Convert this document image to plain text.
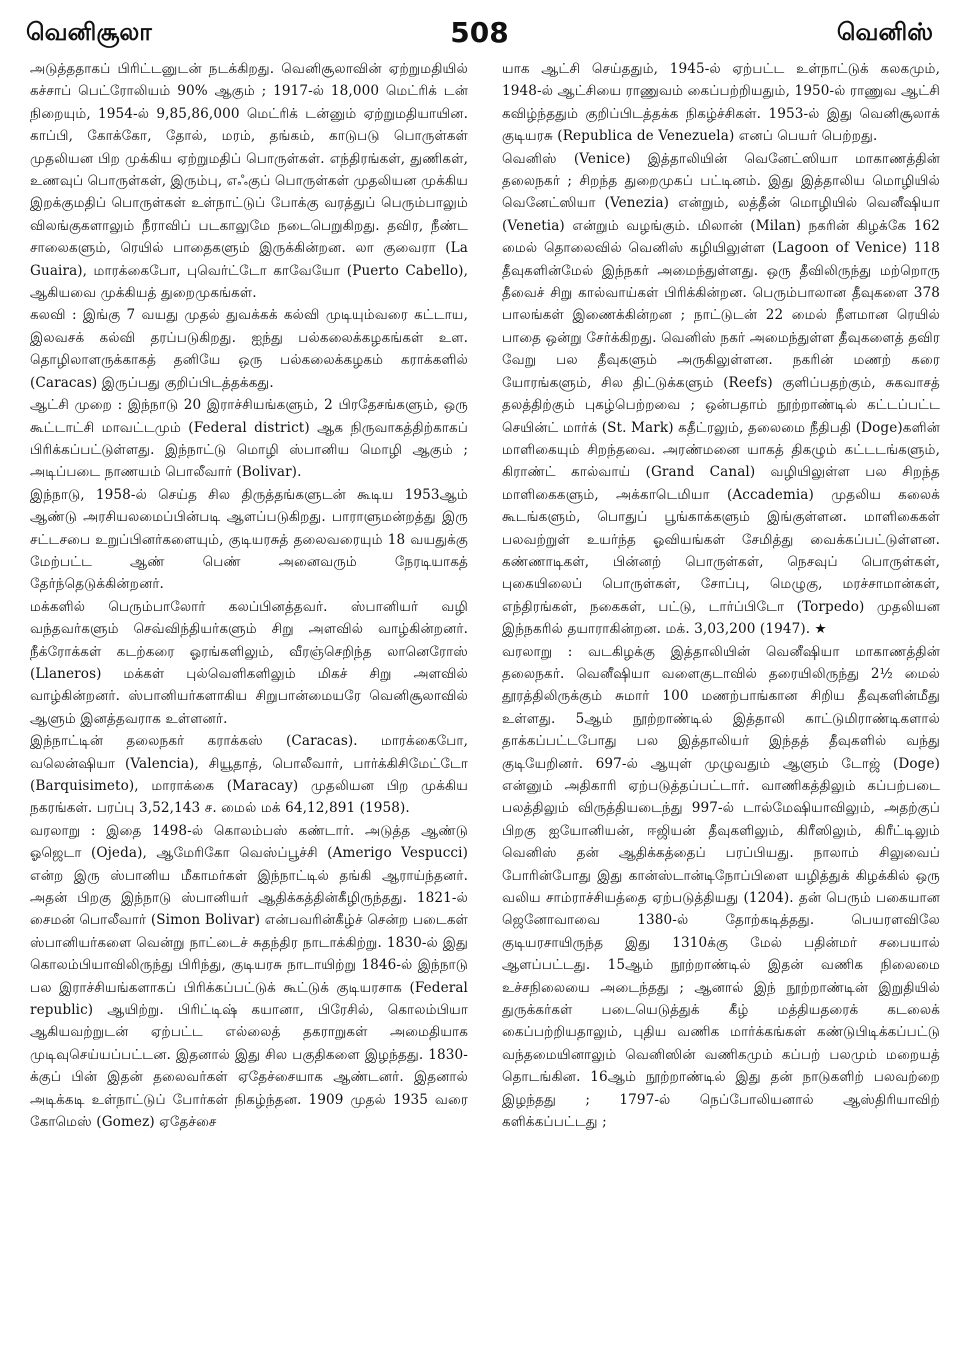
வெனிசூலா	508	வெனிஸ்

அடுத்ததாகப் பிரிட்டனுடன் நடக்கிறது. வெனிசூலாவின் ஏற்றுமதியில் கச்சாப் பெட்ரோலியம் 90% ஆகும் ; 1917-ல் 18,000 மெட்ரிக் டன் நிறையும், 1954-ல் 9,85,86,000 மெட்ரிக் டன்னும் ஏற்றுமதியாயின. காப்பி, கோக்கோ, தோல், மரம், தங்கம், காடுபடு பொருள்கள் முதலியன பிற முக்கிய ஏற்றுமதிப் பொருள்கள். எந்திரங்கள், துணிகள், உணவுப் பொருள்கள், இரும்பு, எஃகுப் பொருள்கள் முதலியன முக்கிய இறக்குமதிப் பொருள்கள் உள்நாட்டுப் போக்கு வரத்துப் பெரும்பாலும் விலங்குகளாலும் நீராவிப் படகாலுமே நடைபெறுகிறது. தவிர, நீண்ட சாலைகளும், ரெயில் பாதைகளும் இருக்கின்றன. லா குவைரா (La Guaira), மாரக்கைபோ, புவெர்ட்டோ காவேயோ (Puerto Cabello), ஆகியவை முக்கியத் துறைமுகங்கள்.

கலவி : இங்கு 7 வயது முதல் துவக்கக் கல்வி முடியும்வரை கட்டாய, இலவசக் கல்வி தரப்படுகிறது. ஐந்து பல்கலைக்கழகங்கள் உள. தொழிலாளருக்காகத் தனியே ஒரு பல்கலைக்கழகம் கராக்களில் (Caracas) இருப்பது குறிப்பிடத்தக்கது.

ஆட்சி முறை : இந்நாடு 20 இராச்சியங்களும், 2 பிரதேசங்களும், ஒரு கூட்டாட்சி மாவட்டமும் (Federal district) ஆக நிருவாகத்திற்காகப் பிரிக்கப்பட்டுள்ளது. இந்நாட்டு மொழி ஸ்பானிய மொழி ஆகும் ; அடிப்படை நாணயம் பொலீவார் (Bolivar).

இந்நாடு, 1958-ல் செய்த சில திருத்தங்களுடன் கூடிய 1953ஆம் ஆண்டு அரசியலமைப்பின்படி ஆளப்படுகிறது. பாராளுமன்றத்து இரு சட்டசபை உறுப்பினர்களையும், குடியரசுத் தலைவரையும் 18 வயதுக்கு மேற்பட்ட ஆண் பெண் அனைவரும் நேரடியாகத் தேர்ந்தெடுக்கின்றனர்.

மக்களில் பெரும்பாலோர் கலப்பினத்தவர். ஸ்பானியர் வழி வந்தவர்களும் செவ்விந்தியர்களும் சிறு அளவில் வாழ்கின்றனர். நீக்ரோக்கள் கடற்கரை ஓரங்களிலும், வீரஞ்செறிந்த லானெரோஸ் (Llaneros) மக்கள் புல்வெளிகளிலும் மிகச் சிறு அளவில் வாழ்கின்றனர். ஸ்பானியர்களாகிய சிறுபான்மையரே வெனிசூலாவில் ஆளும் இனத்தவராக உள்ளனர்.

இந்நாட்டின் தலைநகர் கராக்கஸ் (Caracas). மாரக்கைபோ, வலென்ஷியா (Valencia), சியூதாத், பொலீவார், பார்க்கிசிமேட்டோ (Barquisimeto), மாராக்கை (Maracay) முதலியன பிற முக்கிய நகரங்கள். பரப்பு 3,52,143 ச. மைல் மக் 64,12,891 (1958).

வரலாறு : இதை 1498-ல் கொலம்பஸ் கண்டார். அடுத்த ஆண்டு ஓஜெடா (Ojeda), ஆமேரிகோ வெஸ்ப்பூச்சி (Amerigo Vespucci) என்ற இரு ஸ்பானிய மீகாமர்கள் இந்நாட்டில் தங்கி ஆராய்ந்தனர். அதன் பிறகு இந்நாடு ஸ்பானியர் ஆதிக்கத்தின்கீழிருந்தது. 1821-ல் சைமன் பொலீவார் (Simon Bolivar) என்பவரின்கீழ்ச் சென்ற படைகள் ஸ்பானியர்களை வென்று நாட்டைச் சுதந்திர நாடாக்கிற்று. 1830-ல் இது கொலம்பியாவிலிருந்து பிரிந்து, குடியரசு நாடாயிற்று 1846-ல் இந்நாடு பல இராச்சியங்களாகப் பிரிக்கப்பட்டுக் கூட்டுக் குடியரசாக (Federal republic) ஆயிற்று. பிரிட்டிஷ் கயானா, பிரேசில், கொலம்பியா ஆகியவற்றுடன் ஏற்பட்ட எல்லைத் தகராறுகள் அமைதியாக முடிவுசெய்யப்பட்டன. இதனால் இது சில பகுதிகளை இழந்தது. 1830-க்குப் பின் இதன் தலைவர்கள் ஏதேச்சையாக ஆண்டனர். இதனால் அடிக்கடி உள்நாட்டுப் போர்கள் நிகழ்ந்தன. 1909 முதல் 1935 வரை கோமெஸ் (Gomez) ஏதேச்சை

யாக ஆட்சி செய்ததும், 1945-ல் ஏற்பட்ட உள்நாட்டுக் கலகமும், 1948-ல் ஆட்சியை ராணுவம் கைப்பற்றியதும், 1950-ல் ராணுவ ஆட்சி கவிழ்ந்ததும் குறிப்பிடத்தக்க நிகழ்ச்சிகள். 1953-ல் இது வெனிசூலாக் குடியரசு (Republica de Venezuela) எனப் பெயர் பெற்றது.

வெனிஸ் (Venice) இத்தாலியின் வெனேட்ஸியா மாகாணத்தின் தலைநகர் ; சிறந்த துறைமுகப் பட்டினம். இது இத்தாலிய மொழியில் வெனேட்ஸியா (Venezia) என்றும், லத்தீன் மொழியில் வெனீஷியா (Venetia) என்றும் வழங்கும். மிலான் (Milan) நகரின் கிழக்கே 162 மைல் தொலைவில் வெனிஸ் கழியிலுள்ள (Lagoon of Venice) 118 தீவுகளின்மேல் இந்நகர் அமைந்துள்ளது. ஒரு தீவிலிருந்து மற்றொரு தீவைச் சிறு கால்வாய்கள் பிரிக்கின்றன. பெரும்பாலான தீவுகளை 378 பாலங்கள் இணைக்கின்றன ; நாட்டுடன் 22 மைல் நீளமான ரெயில் பாதை ஒன்று சேர்க்கிறது. வெனிஸ் நகர் அமைந்துள்ள தீவுகளைத் தவிர வேறு பல தீவுகளும் அருகிலுள்ளன. நகரின் மணற் கரை யோரங்களும், சில திட்டுக்களும் (Reefs) குளிப்பதற்கும், சுகவாசத் தலத்திற்கும் புகழ்பெற்றவை ; ஒன்பதாம் நூற்றாண்டில் கட்டப்பட்ட செயின்ட் மார்க் (St. Mark) கதீட்ரலும், தலைமை நீதிபதி (Doge)களின் மாளிகையும் சிறந்தவை. அரண்மனை யாகத் திகழும் கட்டடங்களும், கிராண்ட் கால்வாய் (Grand Canal) வழியிலுள்ள பல சிறந்த மாளிகைகளும், அக்காடெமியா (Accademia) முதலிய கலைக் கூடங்களும், பொதுப் பூங்காக்களும் இங்குள்ளன. மாளிகைகள் பலவற்றுள் உயர்ந்த ஓவியங்கள் சேமித்து வைக்கப்பட்டுள்ளன. கண்ணாடிகள், பின்னற் பொருள்கள், நெசவுப் பொருள்கள், புகையிலைப் பொருள்கள், சோப்பு, மெழுகு, மரச்சாமான்கள், எந்திரங்கள், நகைகள், பட்டு, டார்ப்பிடோ (Torpedo) முதலியன இந்நகரில் தயாராகின்றன. மக். 3,03,200 (1947). ★

வரலாறு : வடகிழக்கு இத்தாலியின் வெனீஷியா மாகாணத்தின் தலைநகர். வெனீஷியா வளைகுடாவில் தரையிலிருந்து 2½ மைல் தூரத்திலிருக்கும் சுமார் 100 மணற்பாங்கான சிறிய தீவுகளின்மீது உள்ளது. 5ஆம் நூற்றாண்டில் இத்தாலி காட்டுமிராண்டிகளால் தாக்கப்பட்டபோது பல இத்தாலியர் இந்தத் தீவுகளில் வந்து குடியேறினர். 697-ல் ஆயுள் முழுவதும் ஆளும் டோஜ் (Doge) என்னும் அதிகாரி ஏற்படுத்தப்பட்டார். வாணிகத்திலும் கப்பற்படை பலத்திலும் விருத்தியடைந்து 997-ல் டால்மேஷியாவிலும், அதற்குப் பிறகு ஐயோனியன், ஈஜியன் தீவுகளிலும், கிரீஸிலும், கிரீட்டிலும் வெனிஸ் தன் ஆதிக்கத்தைப் பரப்பியது. நாலாம் சிலுவைப் போரின்போது இது கான்ஸ்டான்டிநோப்பிளை யழித்துக் கிழக்கில் ஒரு வலிய சாம்ராச்சியத்தை ஏற்படுத்தியது (1204). தன் பெரும் பகையான ஜெனோவாவை 1380-ல் தோற்கடித்தது. பெயரளவிலே குடியரசாயிருந்த இது 1310க்கு மேல் பதின்மர் சபையால் ஆளப்பட்டது. 15ஆம் நூற்றாண்டில் இதன் வணிக நிலைமை உச்சநிலையை அடைந்தது ; ஆனால் இந் நூற்றாண்டின் இறுதியில் துருக்கர்கள் படையெடுத்துக் கீழ் மத்தியதரைக் கடலைக் கைப்பற்றியதாலும், புதிய வணிக மார்க்கங்கள் கண்டுபிடிக்கப்பட்டு வந்தமையினாலும் வெனிஸின் வணிகமும் கப்பற் பலமும் மறையத் தொடங்கின. 16ஆம் நூற்றாண்டில் இது தன் நாடுகளிற் பலவற்றை இழந்தது ; 1797-ல் நெப்போலியனால் ஆஸ்திரியாவிற் களிக்கப்பட்டது ;
